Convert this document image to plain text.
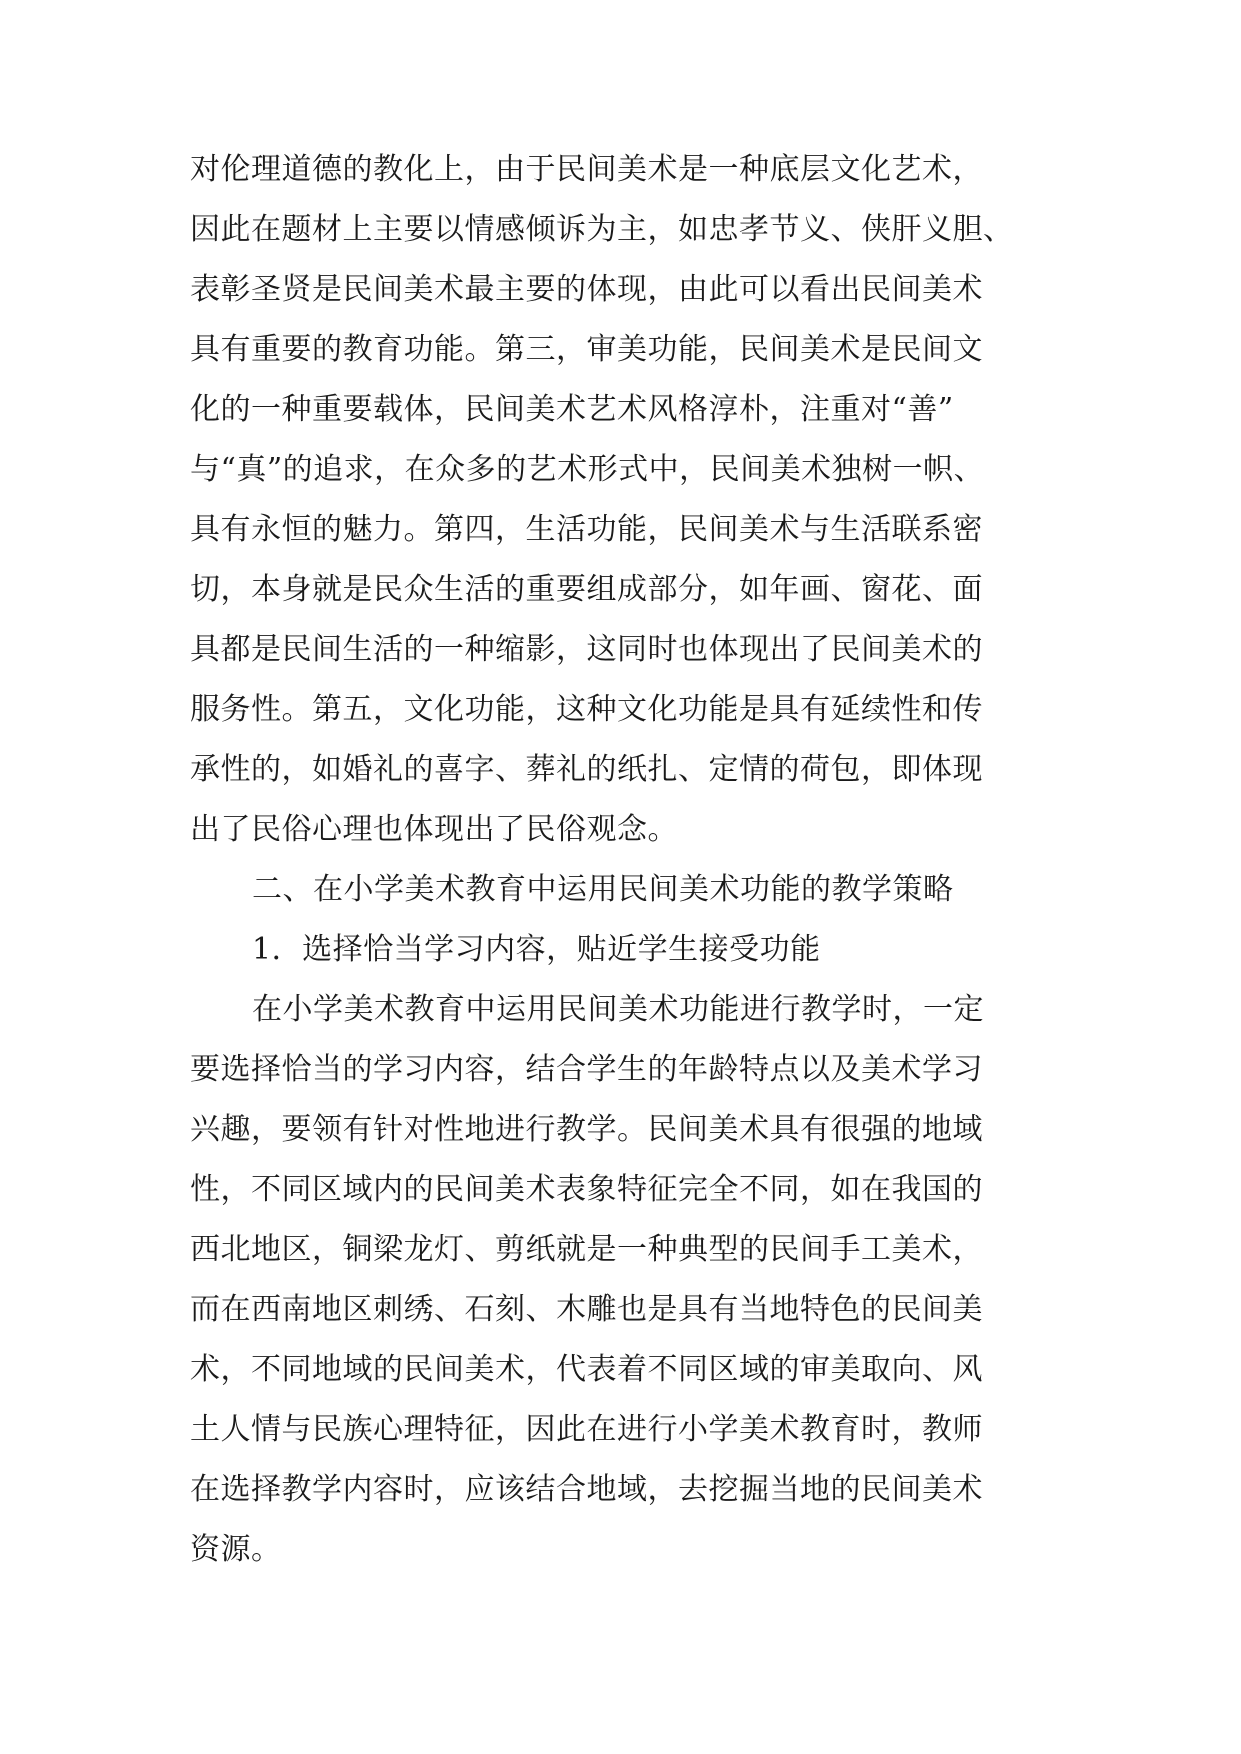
对伦理道德的教化上，由于民间美术是一种底层文化艺术，
因此在题材上主要以情感倾诉为主，如忠孝节义、侠肝义胆、
表彰圣贤是民间美术最主要的体现，由此可以看出民间美术
具有重要的教育功能。第三，审美功能，民间美术是民间文
化的一种重要载体，民间美术艺术风格淳朴，注重对“善”
与“真”的追求，在众多的艺术形式中，民间美术独树一帜、
具有永恒的魅力。第四，生活功能，民间美术与生活联系密
切，本身就是民众生活的重要组成部分，如年画、窗花、面
具都是民间生活的一种缩影，这同时也体现出了民间美术的
服务性。第五，文化功能，这种文化功能是具有延续性和传
承性的，如婚礼的喜字、葬礼的纸扎、定情的荷包，即体现
出了民俗心理也体现出了民俗观念。
二、在小学美术教育中运用民间美术功能的教学策略
1．选择恰当学习内容，贴近学生接受功能
在小学美术教育中运用民间美术功能进行教学时，一定
要选择恰当的学习内容，结合学生的年龄特点以及美术学习
兴趣，要领有针对性地进行教学。民间美术具有很强的地域
性，不同区域内的民间美术表象特征完全不同，如在我国的
西北地区，铜梁龙灯、剪纸就是一种典型的民间手工美术，
而在西南地区刺绣、石刻、木雕也是具有当地特色的民间美
术，不同地域的民间美术，代表着不同区域的审美取向、风
土人情与民族心理特征，因此在进行小学美术教育时，教师
在选择教学内容时，应该结合地域，去挖掘当地的民间美术
资源。
